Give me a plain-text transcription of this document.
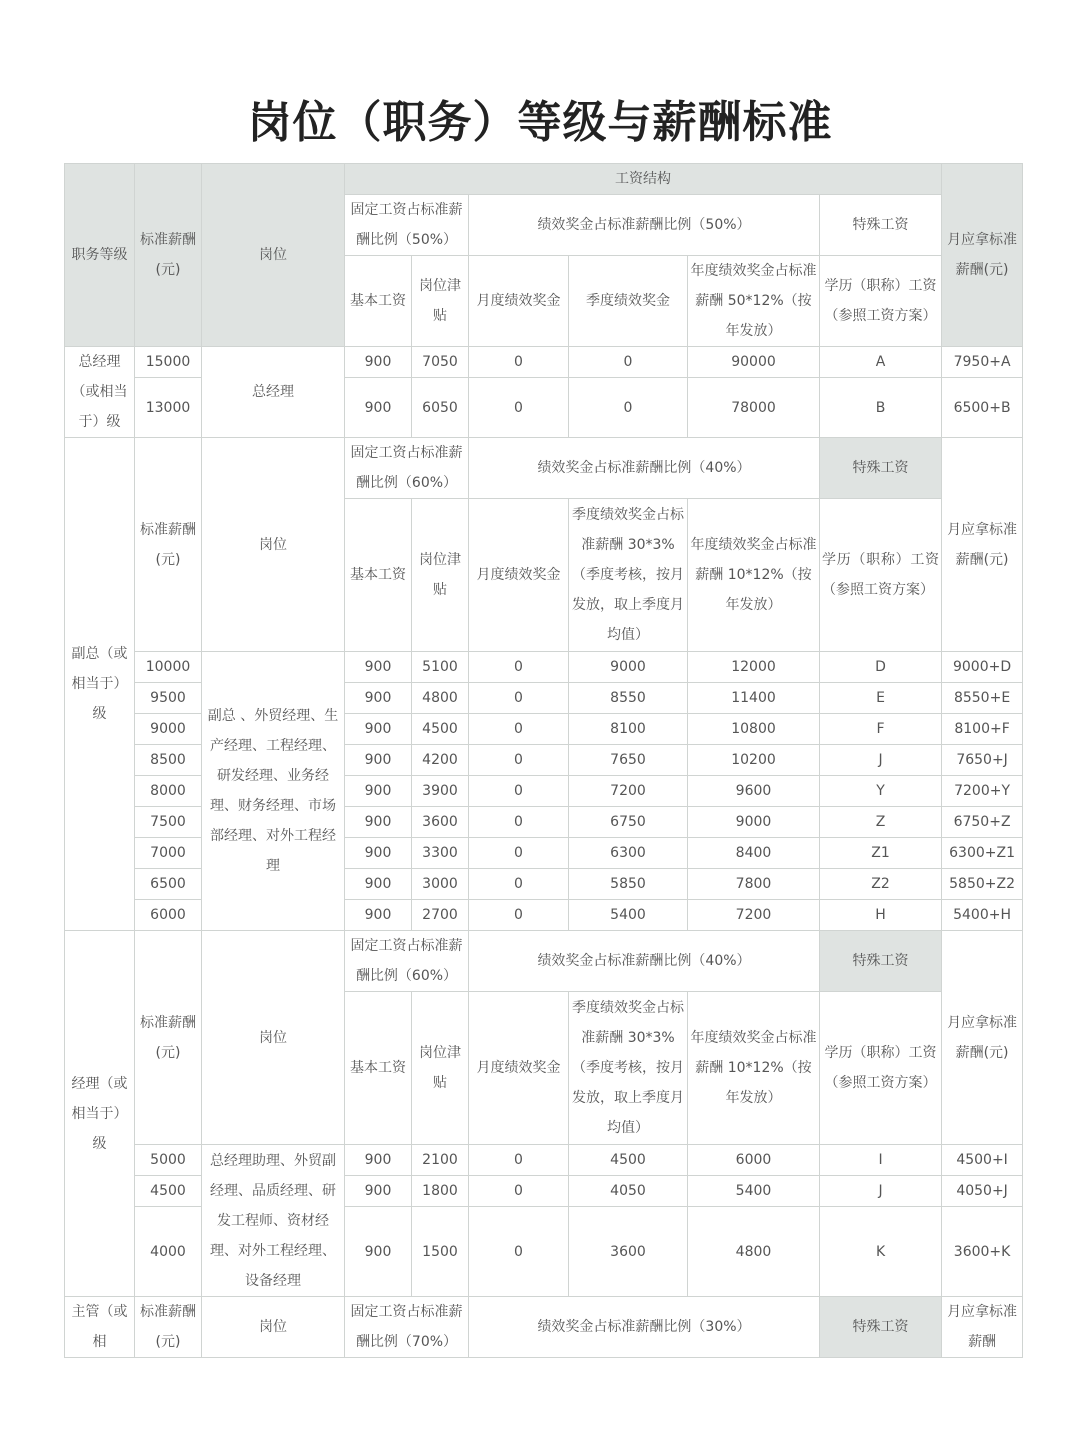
岗位（职务）等级与薪酬标准
职务等级	标准薪酬(元)	岗位	工资结构						月应拿标准薪酬(元)
			固定工资占标准薪酬比例（50%）		绩效奖金占标准薪酬比例（50%）			特殊工资	
			基本工资	岗位津贴	月度绩效奖金	季度绩效奖金	年度绩效奖金占标准薪酬 50*12%（按年发放）	学历（职称）工资（参照工资方案）	
总经理（或相当于）级	15000	总经理	900	7050	0	0	90000	A	7950+A
	13000		900	6050	0	0	78000	B	6500+B
副总（或相当于）级	标准薪酬(元)	岗位	固定工资占标准薪酬比例（60%）		绩效奖金占标准薪酬比例（40%）			特殊工资	月应拿标准薪酬(元)
			基本工资	岗位津贴	月度绩效奖金	季度绩效奖金占标准薪酬 30*3%（季度考核，按月发放，取上季度月均值）	年度绩效奖金占标准薪酬 10*12%（按年发放）	学历（职称）工资 （参照工资方案）	
	10000	副总 、外贸经理、生产经理、工程经理、研发经理、业务经理、财务经理、市场部经理、对外工程经理	900	5100	0	9000	12000	D	9000+D
	9500		900	4800	0	8550	11400	E	8550+E
	9000		900	4500	0	8100	10800	F	8100+F
	8500		900	4200	0	7650	10200	J	7650+J
	8000		900	3900	0	7200	9600	Y	7200+Y
	7500		900	3600	0	6750	9000	Z	6750+Z
	7000		900	3300	0	6300	8400	Z1	6300+Z1
	6500		900	3000	0	5850	7800	Z2	5850+Z2
	6000		900	2700	0	5400	7200	H	5400+H
经理（或相当于）级	标准薪酬(元)	岗位	固定工资占标准薪酬比例（60%）		绩效奖金占标准薪酬比例（40%）			特殊工资	月应拿标准薪酬(元)
			基本工资	岗位津贴	月度绩效奖金	季度绩效奖金占标准薪酬 30*3%（季度考核，按月发放，取上季度月均值）	年度绩效奖金占标准薪酬 10*12%（按年发放）	学历（职称）工资（参照工资方案）	
	5000	总经理助理、外贸副经理、品质经理、研发工程师、资材经理、对外工程经理、设备经理	900	2100	0	4500	6000	I	4500+I
	4500		900	1800	0	4050	5400	J	4050+J
	4000		900	1500	0	3600	4800	K	3600+K
主管（或相	标准薪酬(元)	岗位	固定工资占标准薪酬比例（70%）		绩效奖金占标准薪酬比例（30%）			特殊工资	月应拿标准薪酬
